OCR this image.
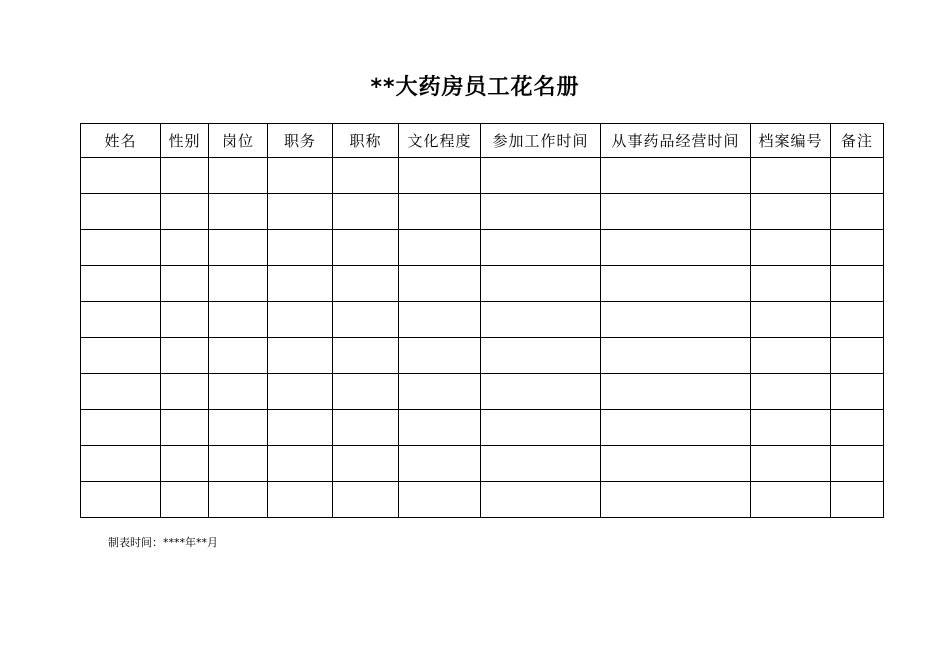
**大药房员工花名册
姓名	性别	岗位	职务	职称	文化程度	参加工作时间	从事药品经营时间	档案编号	备注

制表时间：****年**月
